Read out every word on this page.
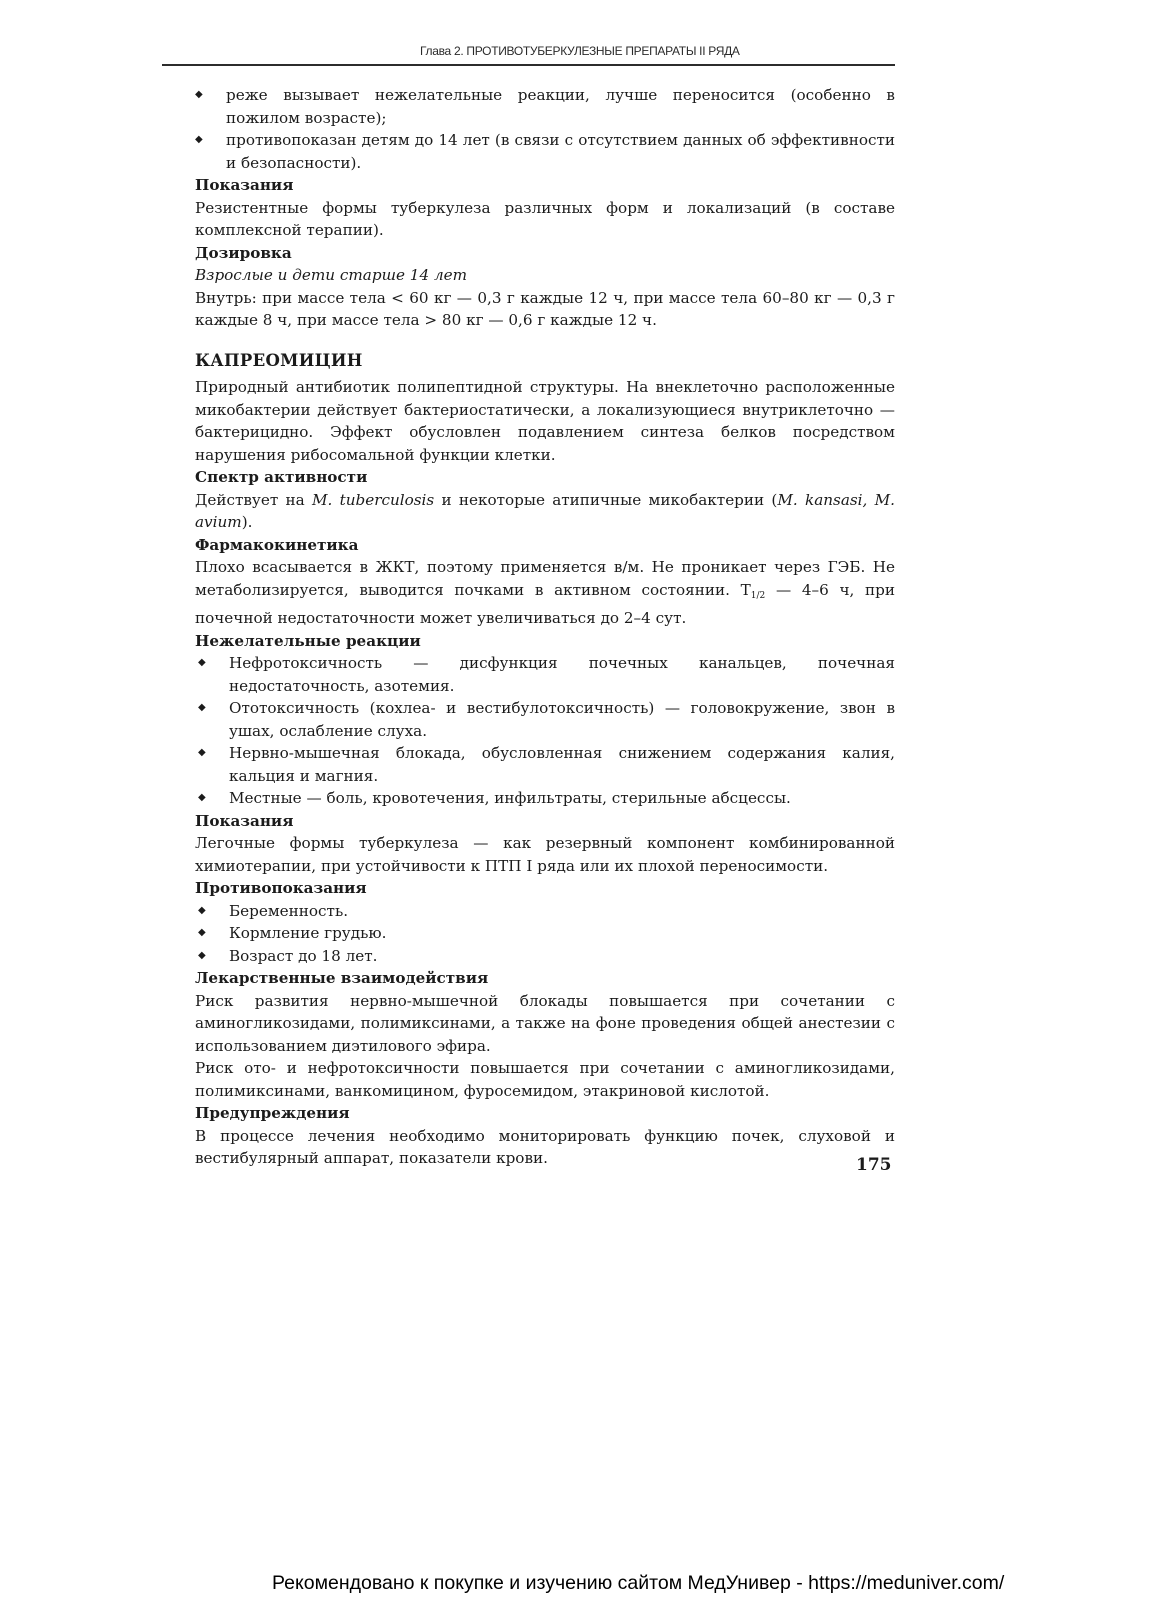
Глава 2. ПРОТИВОТУБЕРКУЛЕЗНЫЕ ПРЕПАРАТЫ II РЯДА
◆ реже вызывает нежелательные реакции, лучше переносится (особенно в пожилом возрасте);
◆ противопоказан детям до 14 лет (в связи с отсутствием данных об эффективности и безопасности).
Показания

Резистентные формы туберкулеза различных форм и локализаций (в составе комплексной терапии).

Дозировка
Взрослые и дети старше 14 лет

Внутрь: при массе тела < 60 кг — 0,3 г каждые 12 ч, при массе тела 60–80 кг — 0,3 г каждые 8 ч, при массе тела > 80 кг — 0,6 г каждые 12 ч.

КАПРЕОМИЦИН

Природный антибиотик полипептидной структуры. На внеклеточно расположенные микобактерии действует бактериостатически, а локализующиеся внутриклеточно — бактерицидно. Эффект обусловлен подавлением синтеза белков посредством нарушения рибосомальной функции клетки.

Спектр активности

Действует на M. tuberculosis и некоторые атипичные микобактерии (M. kansasi, M. avium).

Фармакокинетика

Плохо всасывается в ЖКТ, поэтому применяется в/м. Не проникает через ГЭБ. Не метаболизируется, выводится почками в активном состоянии. $T_{1/2}$ — 4–6 ч, при почечной недостаточности может увеличиваться до 2–4 сут.

Нежелательные реакции
◆ Нефротоксичность — дисфункция почечных канальцев, почечная недостаточность, азотемия.
◆ Ототоксичность (кохлеа- и вестибулотоксичность) — головокружение, звон в ушах, ослабление слуха.
◆ Нервно-мышечная блокада, обусловленная снижением содержания калия, кальция и магния.
◆ Местные — боль, кровотечения, инфильтраты, стерильные абсцессы.
Показания

Легочные формы туберкулеза — как резервный компонент комбинированной химиотерапии, при устойчивости к ПТП I ряда или их плохой переносимости.

Противопоказания
◆ Беременность.
◆ Кормление грудью.
◆ Возраст до 18 лет.
Лекарственные взаимодействия

Риск развития нервно-мышечной блокады повышается при сочетании с аминогликозидами, полимиксинами, а также на фоне проведения общей анестезии с использованием диэтилового эфира.

Риск ото- и нефротоксичности повышается при сочетании с аминогликозидами, полимиксинами, ванкомицином, фуросемидом, этакриновой кислотой.

Предупреждения

В процессе лечения необходимо мониторировать функцию почек, слуховой и вестибулярный аппарат, показатели крови.	175
Рекомендовано к покупке и изучению сайтом МедУнивер - https://meduniver.com/
